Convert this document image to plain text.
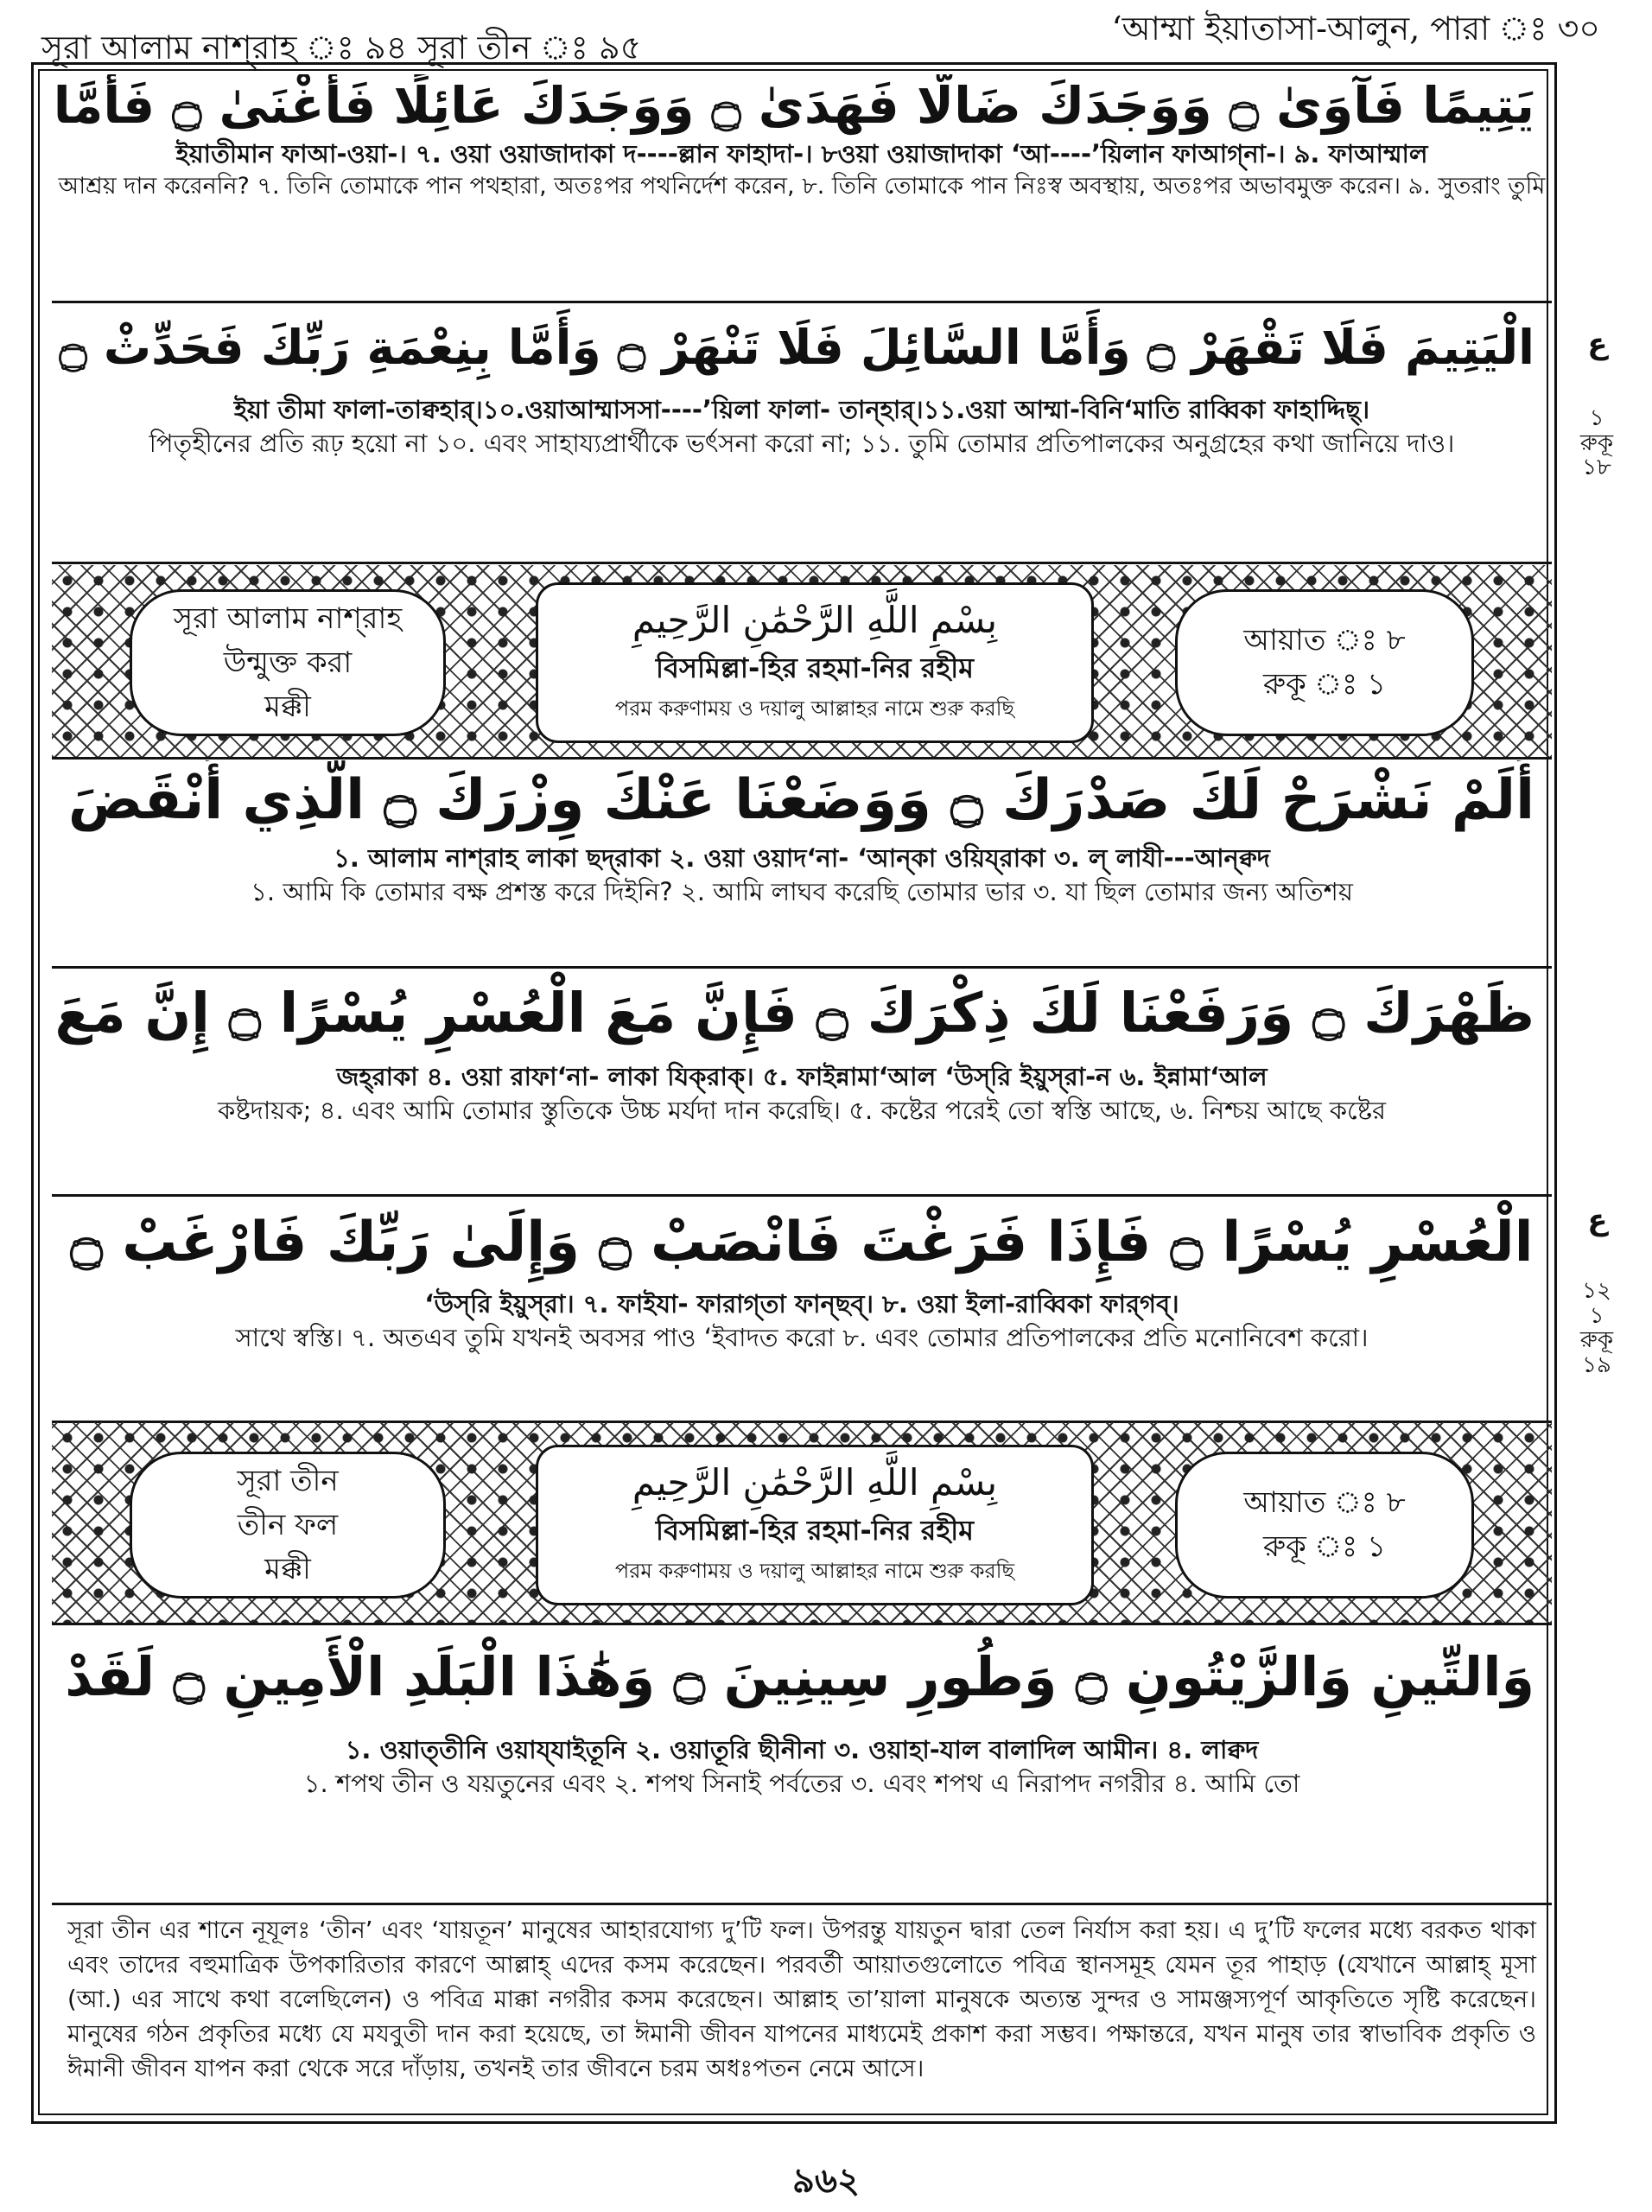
সূরা আলাম নাশ্‌রাহ ঃ ৯৪ সূরা তীন ঃ ৯৫	‘আম্মা ইয়াতাসা-আলুন, পারা ঃ ৩০
يَتِيمًا فَآوَىٰ ۝ وَوَجَدَكَ ضَالًّا فَهَدَىٰ ۝ وَوَجَدَكَ عَائِلًا فَأَغْنَىٰ ۝ فَأَمَّا
ইয়াতীমান ফাআ-ওয়া-। ৭. ওয়া ওয়াজাদাকা দ----ল্লান ফাহাদা-। ৮ওয়া ওয়াজাদাকা ‘আ----’য়িলান ফাআগ্‌না-। ৯. ফাআম্মাল
আশ্রয় দান করেননি? ৭. তিনি তোমাকে পান পথহারা, অতঃপর পথনির্দেশ করেন, ৮. তিনি তোমাকে পান নিঃস্ব অবস্থায়, অতঃপর অভাবমুক্ত করেন। ৯. সুতরাং তুমি
الْيَتِيمَ فَلَا تَقْهَرْ ۝ وَأَمَّا السَّائِلَ فَلَا تَنْهَرْ ۝ وَأَمَّا بِنِعْمَةِ رَبِّكَ فَحَدِّثْ ۝
ইয়া তীমা ফালা-তাক্বহার্‌।১০.ওয়াআম্মাসসা----’য়িলা ফালা- তান্‌হার্‌।১১.ওয়া আম্মা-বিনি‘মাতি রাব্বিকা ফাহাদ্দিছ্‌।
পিতৃহীনের প্রতি রূঢ় হয়ো না ১০. এবং সাহায্যপ্রার্থীকে ভর্ৎসনা করো না; ১১. তুমি তোমার প্রতিপালকের অনুগ্রহের কথা জানিয়ে দাও।
সূরা আলাম নাশ্‌রাহ
উন্মুক্ত করা
মক্কী
بِسْمِ اللَّهِ الرَّحْمَٰنِ الرَّحِيمِ
বিসমিল্লা-হির রহমা-নির রহীম
পরম করুণাময় ও দয়ালু আল্লাহর নামে শুরু করছি
আয়াত ঃ ৮
রুকূ ঃ ১
أَلَمْ نَشْرَحْ لَكَ صَدْرَكَ ۝ وَوَضَعْنَا عَنْكَ وِزْرَكَ ۝ الَّذِي أَنْقَضَ
১. আলাম নাশ্‌রাহ লাকা ছদ্‌রাকা ২. ওয়া ওয়াদ‘না- ‘আন্‌কা ওয়িয্‌রাকা ৩. ল্‌ লাযী---আন্‌ক্বদ
১. আমি কি তোমার বক্ষ প্রশস্ত করে দিইনি? ২. আমি লাঘব করেছি তোমার ভার ৩. যা ছিল তোমার জন্য অতিশয়
ظَهْرَكَ ۝ وَرَفَعْنَا لَكَ ذِكْرَكَ ۝ فَإِنَّ مَعَ الْعُسْرِ يُسْرًا ۝ إِنَّ مَعَ
জহ্‌রাকা ৪. ওয়া রাফা‘না- লাকা যিক্‌রাক্‌। ৫. ফাইন্নামা‘আল ‘উস্‌রি ইয়ুস্‌রা-ন ৬. ইন্নামা‘আল
কষ্টদায়ক; ৪. এবং আমি তোমার স্তুতিকে উচ্চ মর্যদা দান করেছি। ৫. কষ্টের পরেই তো স্বস্তি আছে, ৬. নিশ্চয় আছে কষ্টের
الْعُسْرِ يُسْرًا ۝ فَإِذَا فَرَغْتَ فَانْصَبْ ۝ وَإِلَىٰ رَبِّكَ فَارْغَبْ ۝
‘উস্‌রি ইয়ুস্‌রা। ৭. ফাইযা- ফারাগ্‌তা ফান্‌ছব্‌। ৮. ওয়া ইলা-রাব্বিকা ফার্‌গব্‌।
সাথে স্বস্তি। ৭. অতএব তুমি যখনই অবসর পাও ‘ইবাদত করো ৮. এবং তোমার প্রতিপালকের প্রতি মনোনিবেশ করো।
সূরা তীন
তীন ফল
মক্কী
بِسْمِ اللَّهِ الرَّحْمَٰنِ الرَّحِيمِ
বিসমিল্লা-হির রহমা-নির রহীম
পরম করুণাময় ও দয়ালু আল্লাহর নামে শুরু করছি
আয়াত ঃ ৮
রুকূ ঃ ১
وَالتِّينِ وَالزَّيْتُونِ ۝ وَطُورِ سِينِينَ ۝ وَهَٰذَا الْبَلَدِ الْأَمِينِ ۝ لَقَدْ
১. ওয়াত্‌তীনি ওয়ায্‌যাইতূনি ২. ওয়াতূরি ছীনীনা ৩. ওয়াহা-যাল বালাদিল আমীন। ৪. লাক্বদ
১. শপথ তীন ও যয়তুনের এবং ২. শপথ সিনাই পর্বতের ৩. এবং শপথ এ নিরাপদ নগরীর ৪. আমি তো
সূরা তীন এর শানে নূযূলঃ ‘তীন’ এবং ‘যায়তূন’ মানুষের আহারযোগ্য দু’টি ফল। উপরন্তু যায়তুন দ্বারা তেল নির্যাস করা হয়। এ দু’টি ফলের মধ্যে বরকত থাকা এবং তাদের বহুমাত্রিক উপকারিতার কারণে আল্লাহ্ এদের কসম করেছেন। পরবর্তী আয়াতগুলোতে পবিত্র স্থানসমূহ যেমন তূর পাহাড় (যেখানে আল্লাহ্ মূসা (আ.) এর সাথে কথা বলেছিলেন) ও পবিত্র মাক্কা নগরীর কসম করেছেন। আল্লাহ তা’য়ালা মানুষকে অত্যন্ত সুন্দর ও সামঞ্জস্যপূর্ণ আকৃতিতে সৃষ্টি করেছেন। মানুষের গঠন প্রকৃতির মধ্যে যে মযবুতী দান করা হয়েছে, তা ঈমানী জীবন যাপনের মাধ্যমেই প্রকাশ করা সম্ভব। পক্ষান্তরে, যখন মানুষ তার স্বাভাবিক প্রকৃতি ও ঈমানী জীবন যাপন করা থেকে সরে দাঁড়ায়, তখনই তার জীবনে চরম অধঃপতন নেমে আসে।
ع
১
রুকূ
১৮
ع
১২
১
রুকূ
১৯
৯৬২
